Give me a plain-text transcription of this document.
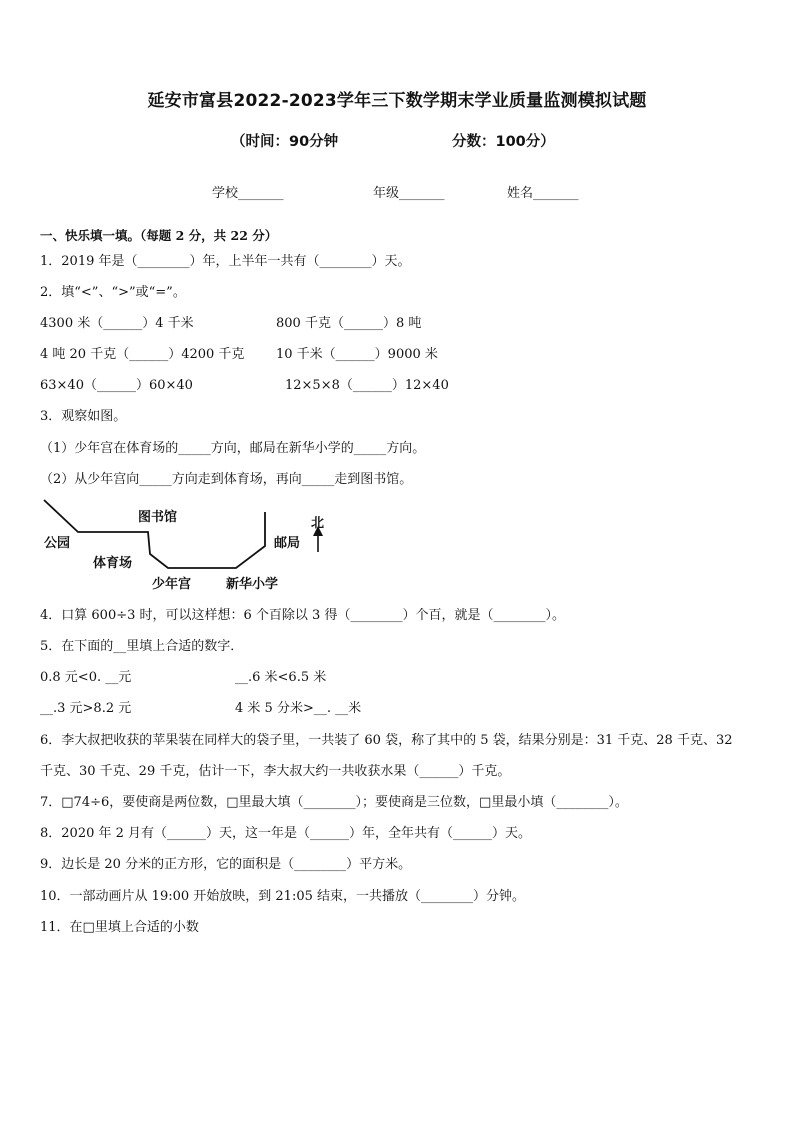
延安市富县2022-2023学年三下数学期末学业质量监测模拟试题
（时间：90分钟	分数：100分）
学校_______	年级_______	姓名_______
一、快乐填一填。（每题 2 分，共 22 分）
1．2019 年是（________）年，上半年一共有（________）天。
2．填“<”、“>”或“=”。
4300 米（______）4 千米	800 千克（______）8 吨
4 吨 20 千克（______）4200 千克 10 千米（______）9000 米
63×40（______）60×40	12×5×8（______）12×40
3．观察如图。
（1）少年宫在体育场的_____方向，邮局在新华小学的_____方向。
（2）从少年宫向_____方向走到体育场，再向_____走到图书馆。
公园
图书馆
体育场
少年宫	新华小学
邮局
北
4．口算 600÷3 时，可以这样想：6 个百除以 3 得（________）个百，就是（________）。
5．在下面的__里填上合适的数字．
0.8 元<0. __元	__.6 米<6.5 米
__.3 元>8.2 元	4 米 5 分米>__. __米
6．李大叔把收获的苹果装在同样大的袋子里，一共装了 60 袋，称了其中的 5 袋，结果分别是：31 千克、28 千克、32
千克、30 千克、29 千克，估计一下，李大叔大约一共收获水果（______）千克。
7．□74÷6，要使商是两位数，□里最大填（________）；要使商是三位数，□里最小填（________）。
8．2020 年 2 月有（______）天，这一年是（______）年，全年共有（______）天。
9．边长是 20 分米的正方形，它的面积是（________）平方米。
10．一部动画片从 19:00 开始放映，到 21:05 结束，一共播放（________）分钟。
11．在□里填上合适的小数
